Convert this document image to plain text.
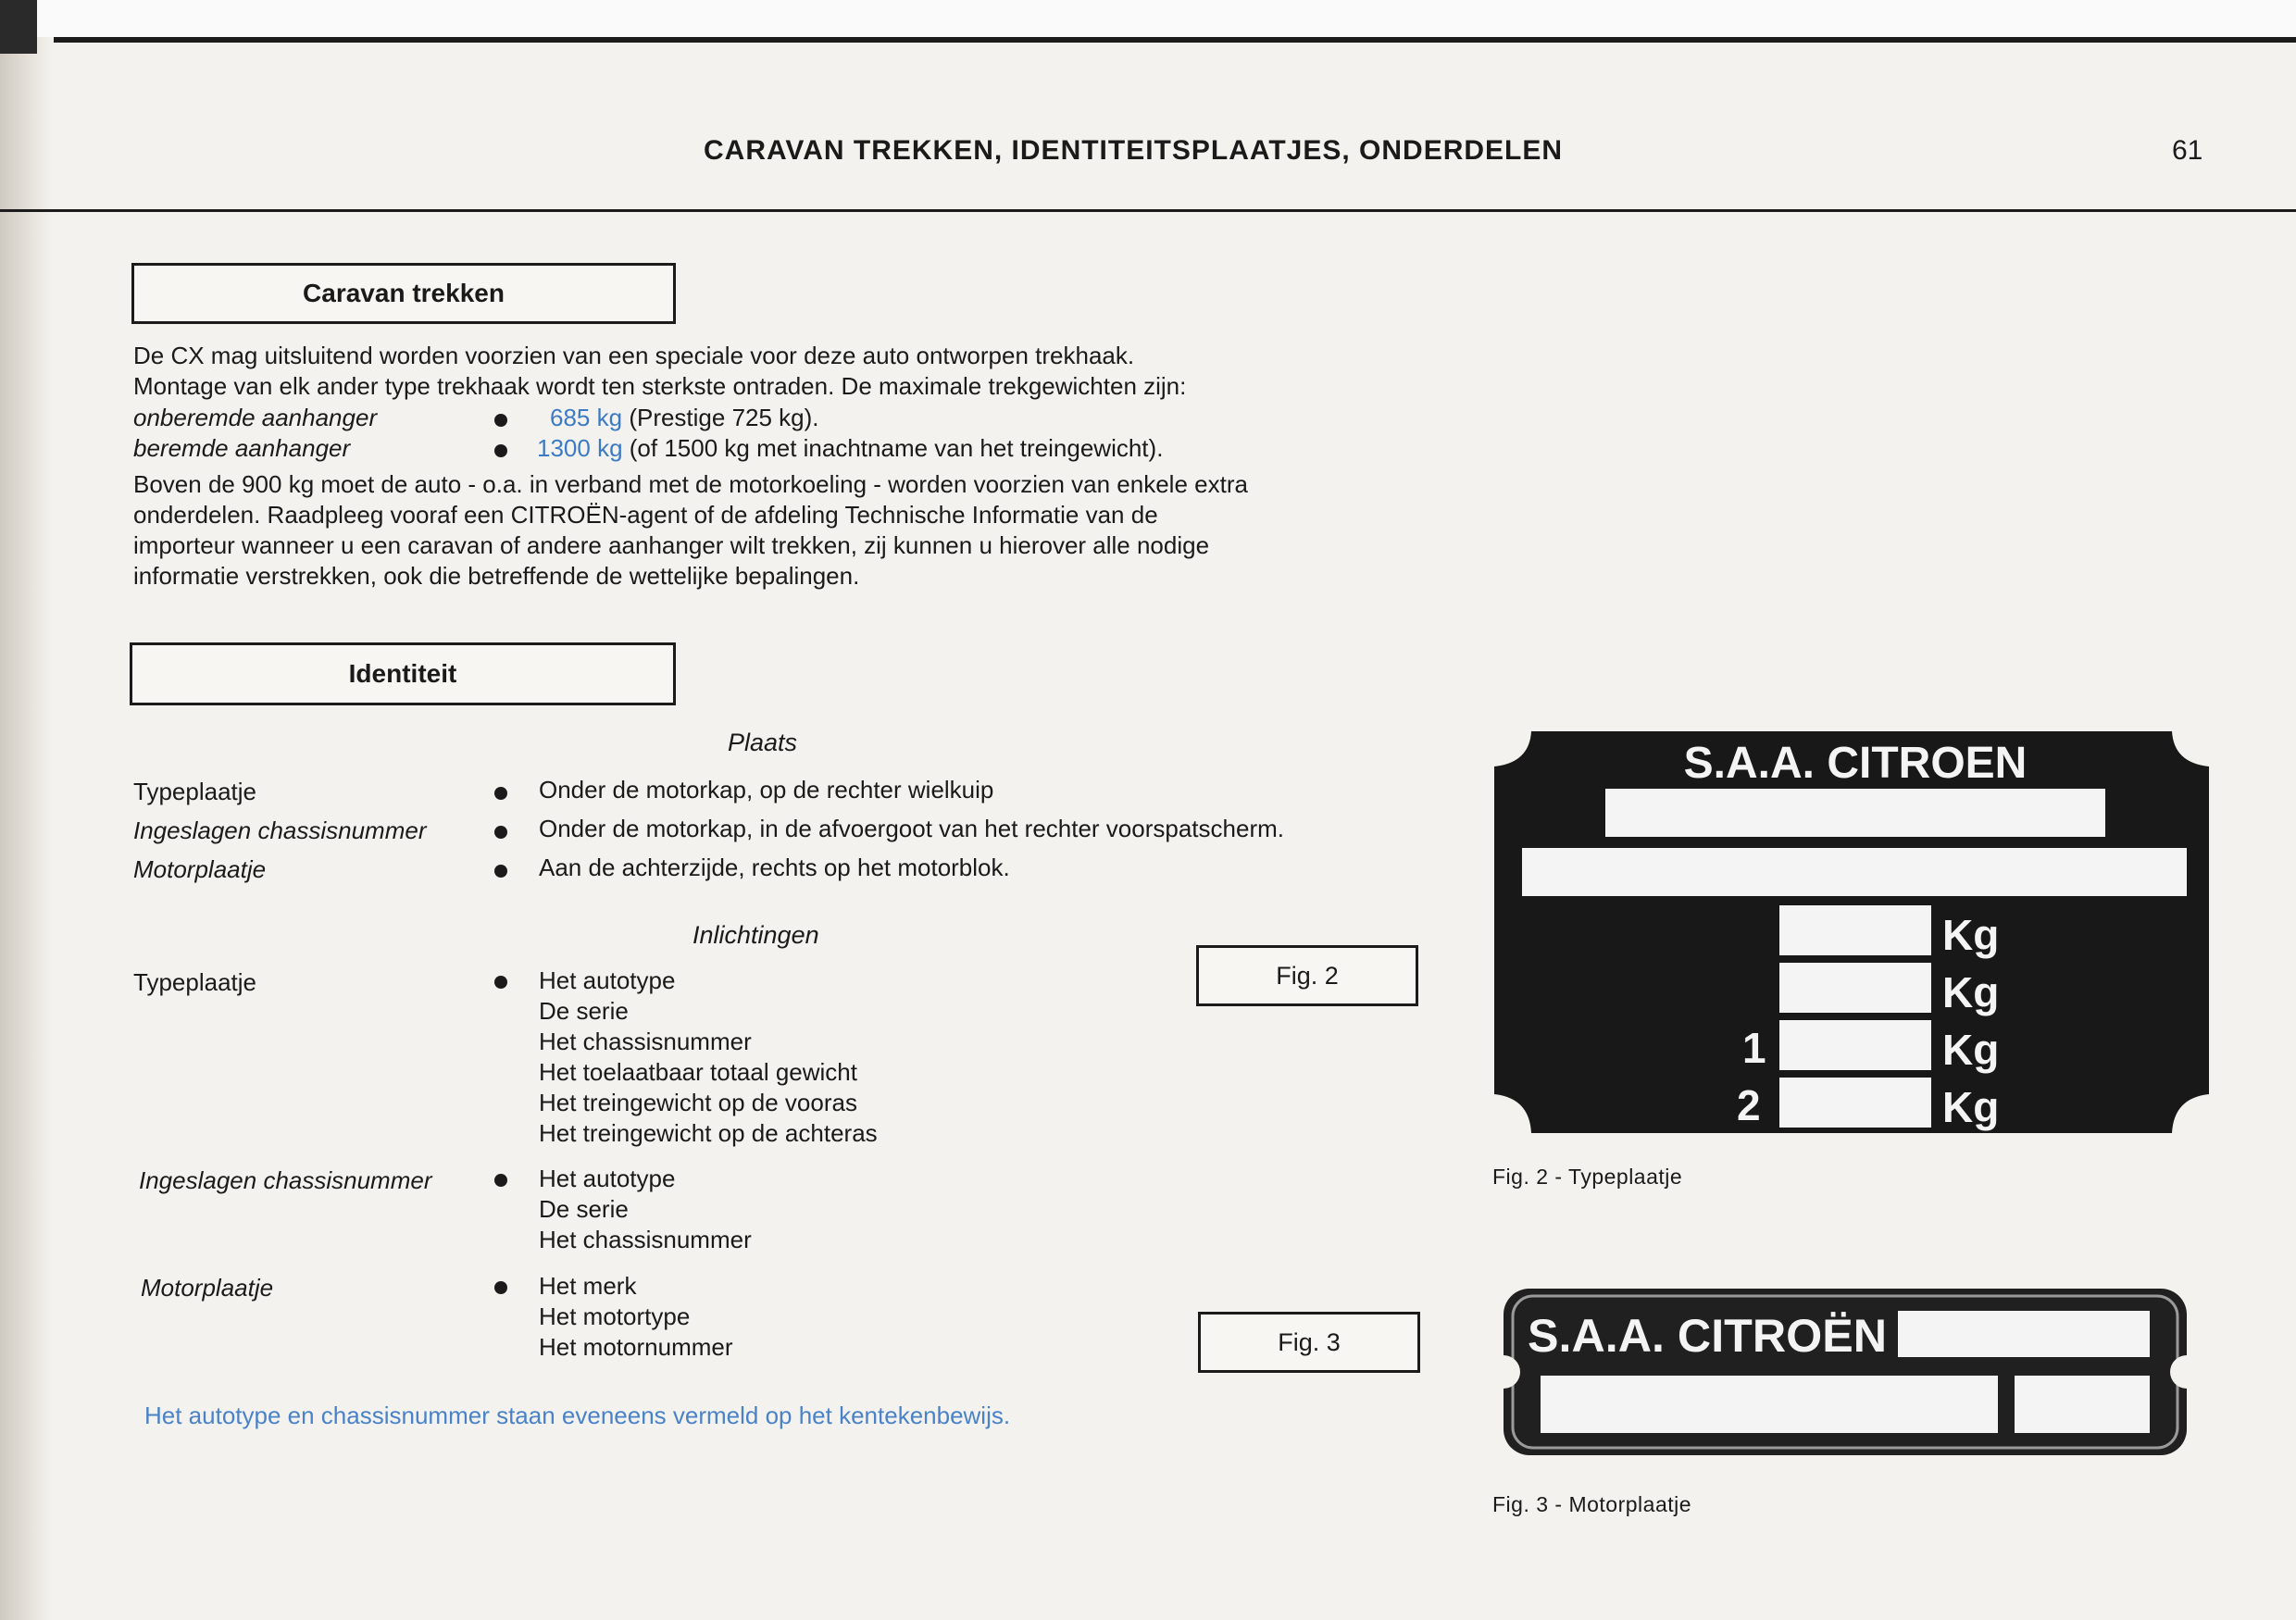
CARAVAN TREKKEN, IDENTITEITSPLAATJES, ONDERDELEN	61
Caravan trekken

De CX mag uitsluitend worden voorzien van een speciale voor deze auto ontworpen trekhaak.

Montage van elk ander type trekhaak wordt ten sterkste ontraden. De maximale trekgewichten zijn:

onberemde aanhanger	685 kg (Prestige 725 kg).
beremde aanhanger	1300 kg (of 1500 kg met inachtname van het treingewicht).

Boven de 900 kg moet de auto - o.a. in verband met de motorkoeling - worden voorzien van enkele extra

onderdelen. Raadpleeg vooraf een CITROËN-agent of de afdeling Technische Informatie van de

importeur wanneer u een caravan of andere aanhanger wilt trekken, zij kunnen u hierover alle nodige

informatie verstrekken, ook die betreffende de wettelijke bepalingen.

Identiteit
Plaats
Typeplaatje	Onder de motorkap, op de rechter wielkuip
Ingeslagen chassisnummer	Onder de motorkap, in de afvoergoot van het rechter voorspatscherm.
Motorplaatje	Aan de achterzijde, rechts op het motorblok.
Inlichtingen
Typeplaatje	Het autotype
De serie
Het chassisnummer
Het toelaatbaar totaal gewicht
Het treingewicht op de vooras
Het treingewicht op de achteras
Fig. 2
Ingeslagen chassisnummer	Het autotype
De serie
Het chassisnummer
Motorplaatje	Het merk
Het motortype
Het motornummer	Fig. 3
Het autotype en chassisnummer staan eveneens vermeld op het kentekenbewijs.
S.A.A. CITROEN
Kg
Kg
Kg
Kg
1
2
Fig. 2 - Typeplaatje
S.A.A. CITROËN
Fig. 3 - Motorplaatje
